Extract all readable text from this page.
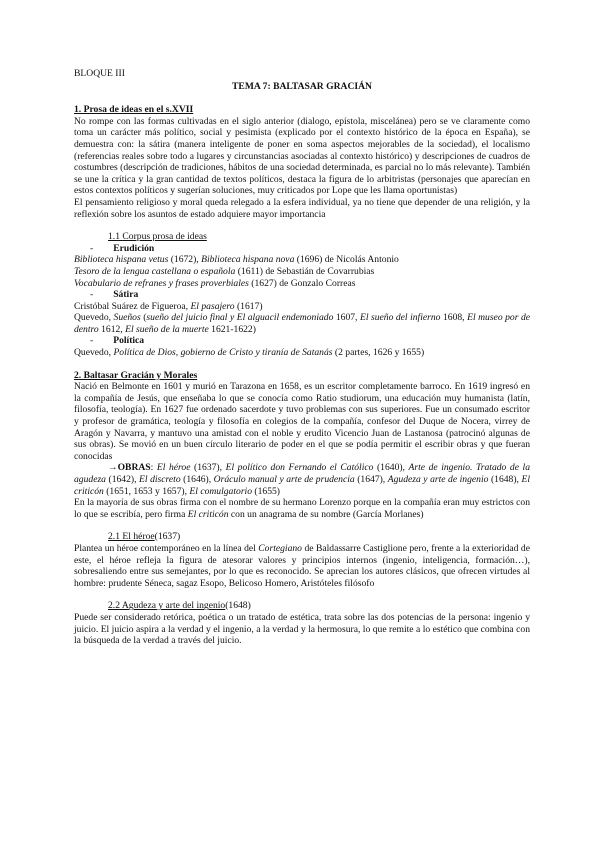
BLOQUE III
TEMA 7: BALTASAR GRACIÁN
1. Prosa de ideas en el s.XVII

No rompe con las formas cultivadas en el siglo anterior (dialogo, epístola, miscelánea) pero se ve claramente como toma un carácter más político, social y pesimista (explicado por el contexto histórico de la época en España), se demuestra con: la sátira (manera inteligente de poner en soma aspectos mejorables de la sociedad), el localismo (referencias reales sobre todo a lugares y circunstancias asociadas al contexto histórico) y descripciones de cuadros de costumbres (descripción de tradiciones, hábitos de una sociedad determinada, es parcial no lo más relevante). También se une la crítica y la gran cantidad de textos políticos, destaca la figura de lo arbitristas (personajes que aparecían en estos contextos políticos y sugerían soluciones, muy criticados por Lope que les llama oportunistas)

El pensamiento religioso y moral queda relegado a la esfera individual, ya no tiene que depender de una religión, y la reflexión sobre los asuntos de estado adquiere mayor importancia

1.1 Corpus prosa de ideas
- Erudición

Biblioteca hispana vetus (1672), Biblioteca hispana nova (1696) de Nicolás Antonio

Tesoro de la lengua castellana o española (1611) de Sebastián de Covarrubias

Vocabulario de refranes y frases proverbiales (1627) de Gonzalo Correas

- Sátira

Cristóbal Suárez de Figueroa, El pasajero (1617)

Quevedo, Sueños (sueño del juicio final y El alguacil endemoniado 1607, El sueño del infierno 1608, El museo por de dentro 1612, El sueño de la muerte 1621-1622)

- Política

Quevedo, Política de Dios, gobierno de Cristo y tiranía de Satanás (2 partes, 1626 y 1655)

2. Baltasar Gracián y Morales

Nació en Belmonte en 1601 y murió en Tarazona en 1658, es un escritor completamente barroco. En 1619 ingresó en la compañía de Jesús, que enseñaba lo que se conocía como Ratio studiorum, una educación muy humanista (latín, filosofía, teología). En 1627 fue ordenado sacerdote y tuvo problemas con sus superiores. Fue un consumado escritor y profesor de gramática, teología y filosofía en colegios de la compañía, confesor del Duque de Nocera, virrey de Aragón y Navarra, y mantuvo una amistad con el noble y erudito Vicencio Juan de Lastanosa (patrocinó algunas de sus obras). Se movió en un buen círculo literario de poder en el que se podía permitir el escribir obras y que fueran conocidas

→OBRAS: El héroe (1637), El político don Fernando el Católico (1640), Arte de ingenio. Tratado de la agudeza (1642), El discreto (1646), Oráculo manual y arte de prudencia (1647), Agudeza y arte de ingenio (1648), El criticón (1651, 1653 y 1657), El comulgatorio (1655)

En la mayoría de sus obras firma con el nombre de su hermano Lorenzo porque en la compañía eran muy estrictos con lo que se escribía, pero firma El criticón con un anagrama de su nombre (García Morlanes)

2.1 El héroe(1637)

Plantea un héroe contemporáneo en la línea del Cortegiano de Baldassarre Castiglione pero, frente a la exterioridad de este, el héroe refleja la figura de atesorar valores y principios internos (ingenio, inteligencia, formación…), sobresaliendo entre sus semejantes, por lo que es reconocido. Se aprecian los autores clásicos, que ofrecen virtudes al hombre: prudente Séneca, sagaz Esopo, Belicoso Homero, Aristóteles filósofo

2.2 Agudeza y arte del ingenio(1648)

Puede ser considerado retórica, poética o un tratado de estética, trata sobre las dos potencias de la persona: ingenio y juicio. El juicio aspira a la verdad y el ingenio, a la verdad y la hermosura, lo que remite a lo estético que combina con la búsqueda de la verdad a través del juicio.
